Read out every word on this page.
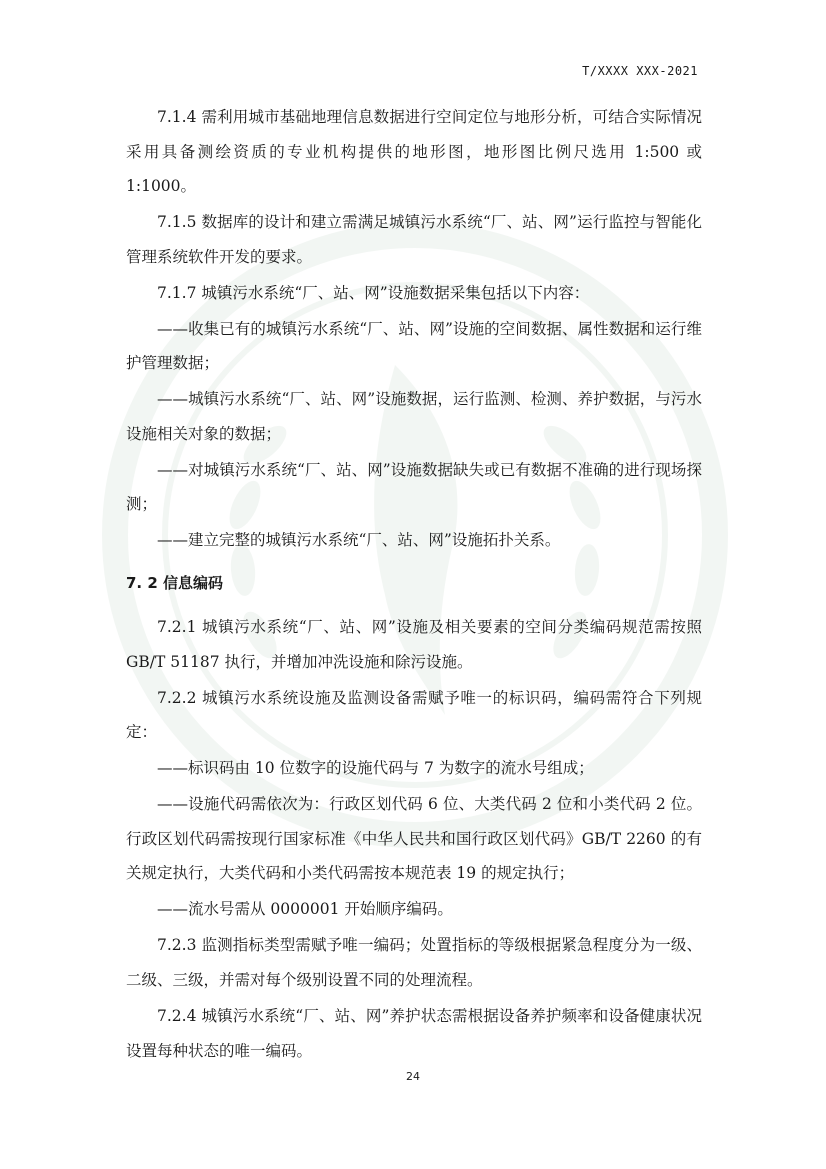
T/XXXX XXX-2021

7.1.4 需利用城市基础地理信息数据进行空间定位与地形分析，可结合实际情况采用具备测绘资质的专业机构提供的地形图，地形图比例尺选用 1:500 或 1:1000。

7.1.5 数据库的设计和建立需满足城镇污水系统“厂、站、网”运行监控与智能化管理系统软件开发的要求。

7.1.7 城镇污水系统“厂、站、网”设施数据采集包括以下内容：

——收集已有的城镇污水系统“厂、站、网”设施的空间数据、属性数据和运行维护管理数据；

——城镇污水系统“厂、站、网”设施数据，运行监测、检测、养护数据，与污水设施相关对象的数据；

——对城镇污水系统“厂、站、网”设施数据缺失或已有数据不准确的进行现场探测；

——建立完整的城镇污水系统“厂、站、网”设施拓扑关系。

7. 2 信息编码

7.2.1 城镇污水系统“厂、站、网”设施及相关要素的空间分类编码规范需按照 GB/T 51187 执行，并增加冲洗设施和除污设施。

7.2.2 城镇污水系统设施及监测设备需赋予唯一的标识码，编码需符合下列规定：

——标识码由 10 位数字的设施代码与 7 为数字的流水号组成；

——设施代码需依次为：行政区划代码 6 位、大类代码 2 位和小类代码 2 位。行政区划代码需按现行国家标准《中华人民共和国行政区划代码》GB/T 2260 的有关规定执行，大类代码和小类代码需按本规范表 19 的规定执行；

——流水号需从 0000001 开始顺序编码。

7.2.3 监测指标类型需赋予唯一编码；处置指标的等级根据紧急程度分为一级、二级、三级，并需对每个级别设置不同的处理流程。

7.2.4 城镇污水系统“厂、站、网”养护状态需根据设备养护频率和设备健康状况设置每种状态的唯一编码。

24
